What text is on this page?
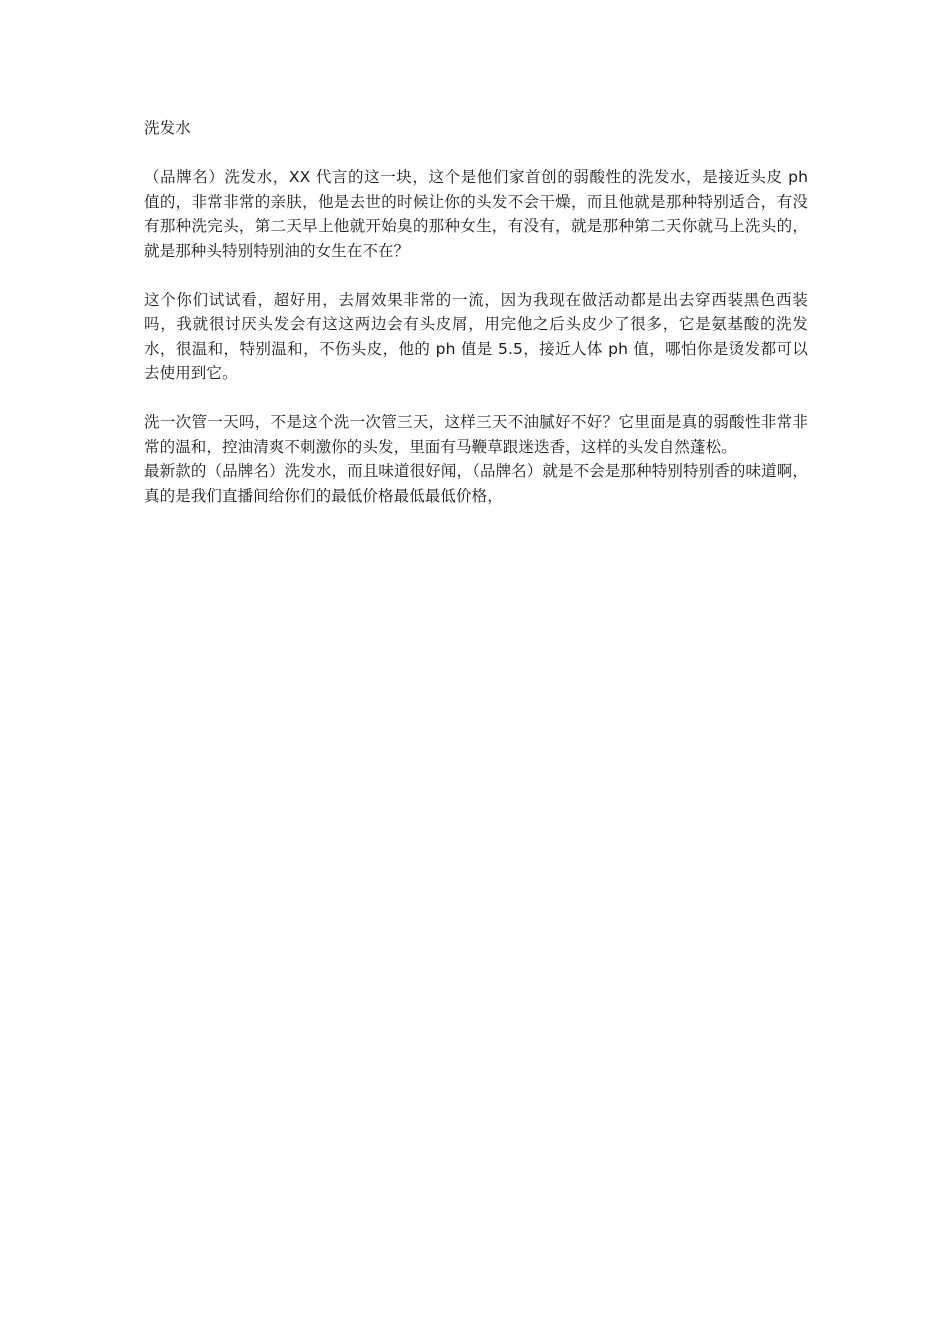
洗发水

（品牌名）洗发水，XX 代言的这一块，这个是他们家首创的弱酸性的洗发水，是接近头皮 ph 值的，非常非常的亲肤，他是去世的时候让你的头发不会干燥，而且他就是那种特别适合，有没有那种洗完头，第二天早上他就开始臭的那种女生，有没有，就是那种第二天你就马上洗头的，就是那种头特别特别油的女生在不在？

这个你们试试看，超好用，去屑效果非常的一流，因为我现在做活动都是出去穿西装黑色西装吗，我就很讨厌头发会有这这两边会有头皮屑，用完他之后头皮少了很多，它是氨基酸的洗发水，很温和，特别温和，不伤头皮，他的 ph 值是 5.5，接近人体 ph 值，哪怕你是烫发都可以去使用到它。

洗一次管一天吗，不是这个洗一次管三天，这样三天不油腻好不好？它里面是真的弱酸性非常非常的温和，控油清爽不刺激你的头发，里面有马鞭草跟迷迭香，这样的头发自然蓬松。

最新款的（品牌名）洗发水，而且味道很好闻，（品牌名）就是不会是那种特别特别香的味道啊，真的是我们直播间给你们的最低价格最低最低价格，
